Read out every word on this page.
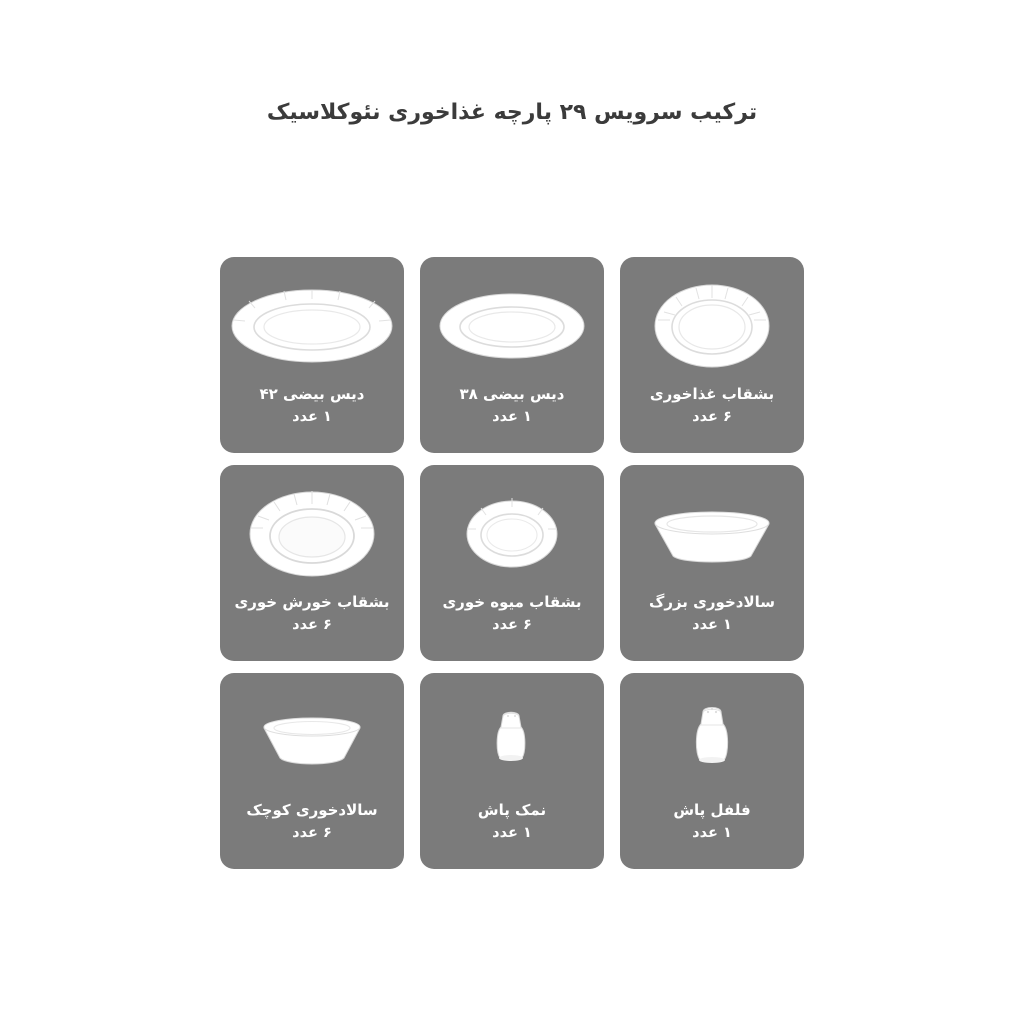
ترکیب سرویس ۲۹ پارچه غذاخوری نئوکلاسیک
بشقاب غذاخوری
۶ عدد
دیس بیضی ۳۸
۱ عدد
دیس بیضی ۴۲
۱ عدد
سالادخوری بزرگ
۱ عدد
بشقاب میوه خوری
۶ عدد
بشقاب خورش خوری
۶ عدد
فلفل پاش
۱ عدد
نمک پاش
۱ عدد
سالادخوری کوچک
۶ عدد
